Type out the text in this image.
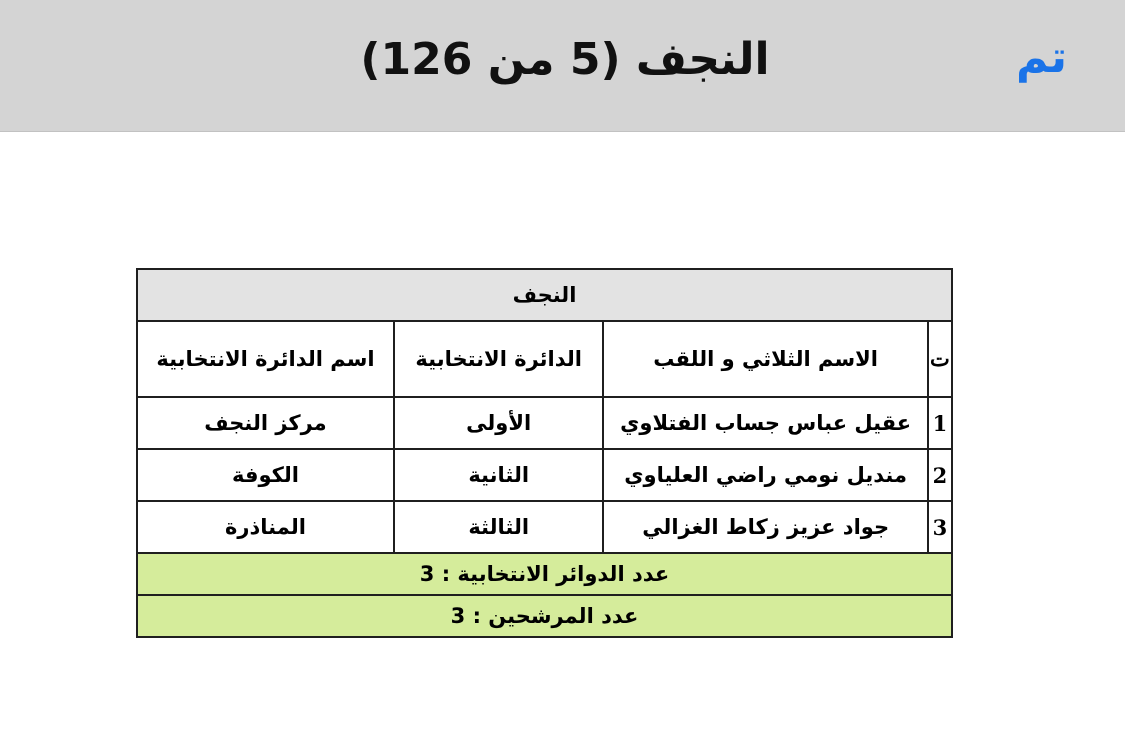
تم
النجف (5 من 126)
النجف			
ت	الاسم الثلاثي و اللقب	الدائرة الانتخابية	اسم الدائرة الانتخابية
1	عقيل عباس جساب الفتلاوي	الأولى	مركز النجف
2	منديل نومي راضي العلياوي	الثانية	الكوفة
3	جواد عزيز زكاط الغزالي	الثالثة	المناذرة
عدد الدوائر الانتخابية : 3			
عدد المرشحين : 3			
